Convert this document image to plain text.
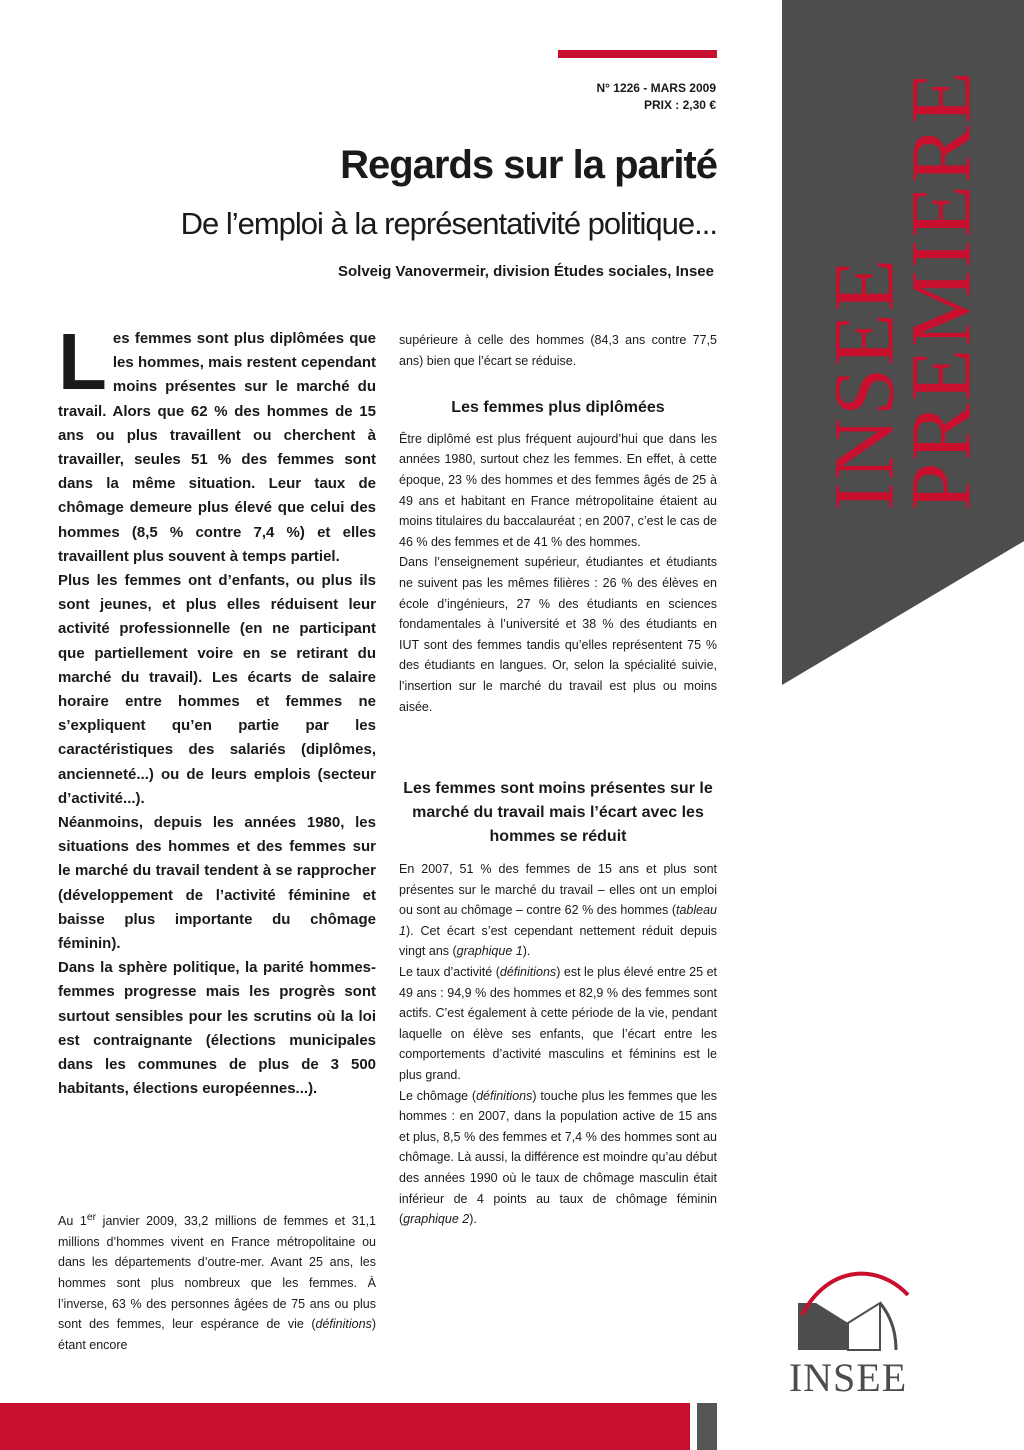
INSEE
PREMIERE
N° 1226 - MARS 2009
PRIX : 2,30 €
Regards sur la parité
De l’emploi à la représentativité politique...
Solveig Vanovermeir, division Études sociales, Insee

Les femmes sont plus diplômées que les hommes, mais restent cependant moins présentes sur le marché du travail. Alors que 62 % des hommes de 15 ans ou plus travaillent ou cherchent à travailler, seules 51 % des femmes sont dans la même situation. Leur taux de chômage demeure plus élevé que celui des hommes (8,5 % contre 7,4 %) et elles travaillent plus souvent à temps partiel.

Plus les femmes ont d’enfants, ou plus ils sont jeunes, et plus elles réduisent leur activité professionnelle (en ne participant que partiellement voire en se retirant du marché du travail). Les écarts de salaire horaire entre hommes et femmes ne s’expliquent qu’en partie par les caractéristiques des salariés (diplômes, ancienneté...) ou de leurs emplois (secteur d’activité...).

Néanmoins, depuis les années 1980, les situations des hommes et des femmes sur le marché du travail tendent à se rapprocher (développement de l’activité féminine et baisse plus importante du chômage féminin).

Dans la sphère politique, la parité hommes-femmes progresse mais les progrès sont surtout sensibles pour les scrutins où la loi est contraignante (élections municipales dans les communes de plus de 3 500 habitants, élections européennes...).

Au 1er janvier 2009, 33,2 millions de femmes et 31,1 millions d’hommes vivent en France métropolitaine ou dans les départements d’outre-mer. Avant 25 ans, les hommes sont plus nombreux que les femmes. À l’inverse, 63 % des personnes âgées de 75 ans ou plus sont des femmes, leur espérance de vie (définitions) étant encore

supérieure à celle des hommes (84,3 ans contre 77,5 ans) bien que l’écart se réduise.

Les femmes plus diplômées

Être diplômé est plus fréquent aujourd’hui que dans les années 1980, surtout chez les femmes. En effet, à cette époque, 23 % des hommes et des femmes âgés de 25 à 49 ans et habitant en France métropolitaine étaient au moins titulaires du baccalauréat ; en 2007, c’est le cas de 46 % des femmes et de 41 % des hommes.

Dans l’enseignement supérieur, étudiantes et étudiants ne suivent pas les mêmes filières : 26 % des élèves en école d’ingénieurs, 27 % des étudiants en sciences fondamentales à l’université et 38 % des étudiants en IUT sont des femmes tandis qu’elles représentent 75 % des étudiants en langues. Or, selon la spécialité suivie, l’insertion sur le marché du travail est plus ou moins aisée.

Les femmes sont moins présentes sur le marché du travail mais l’écart avec les hommes se réduit

En 2007, 51 % des femmes de 15 ans et plus sont présentes sur le marché du travail – elles ont un emploi ou sont au chômage – contre 62 % des hommes (tableau 1). Cet écart s’est cependant nettement réduit depuis vingt ans (graphique 1).

Le taux d’activité (définitions) est le plus élevé entre 25 et 49 ans : 94,9 % des hommes et 82,9 % des femmes sont actifs. C’est également à cette période de la vie, pendant laquelle on élève ses enfants, que l’écart entre les comportements d’activité masculins et féminins est le plus grand.

Le chômage (définitions) touche plus les femmes que les hommes : en 2007, dans la population active de 15 ans et plus, 8,5 % des femmes et 7,4 % des hommes sont au chômage. Là aussi, la différence est moindre qu’au début des années 1990 où le taux de chômage masculin était inférieur de 4 points au taux de chômage féminin (graphique 2).

INSEE
